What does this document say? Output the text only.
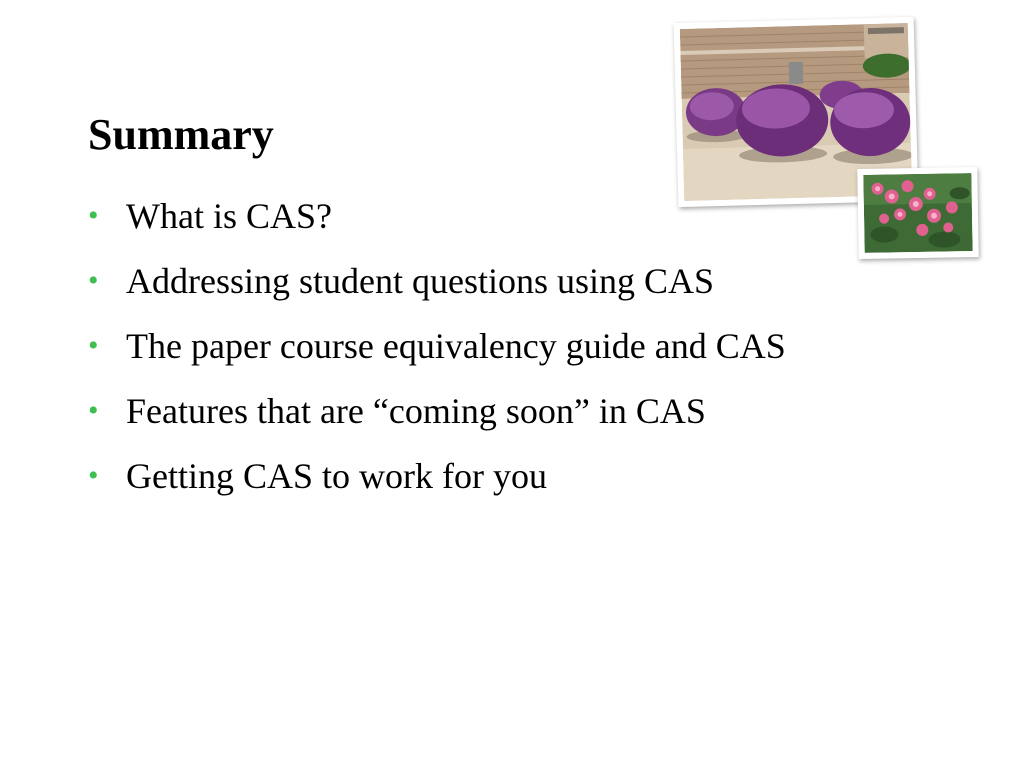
Summary
• What is CAS?
• Addressing student questions using CAS
• The paper course equivalency guide and CAS
• Features that are “coming soon” in CAS
• Getting CAS to work for you
